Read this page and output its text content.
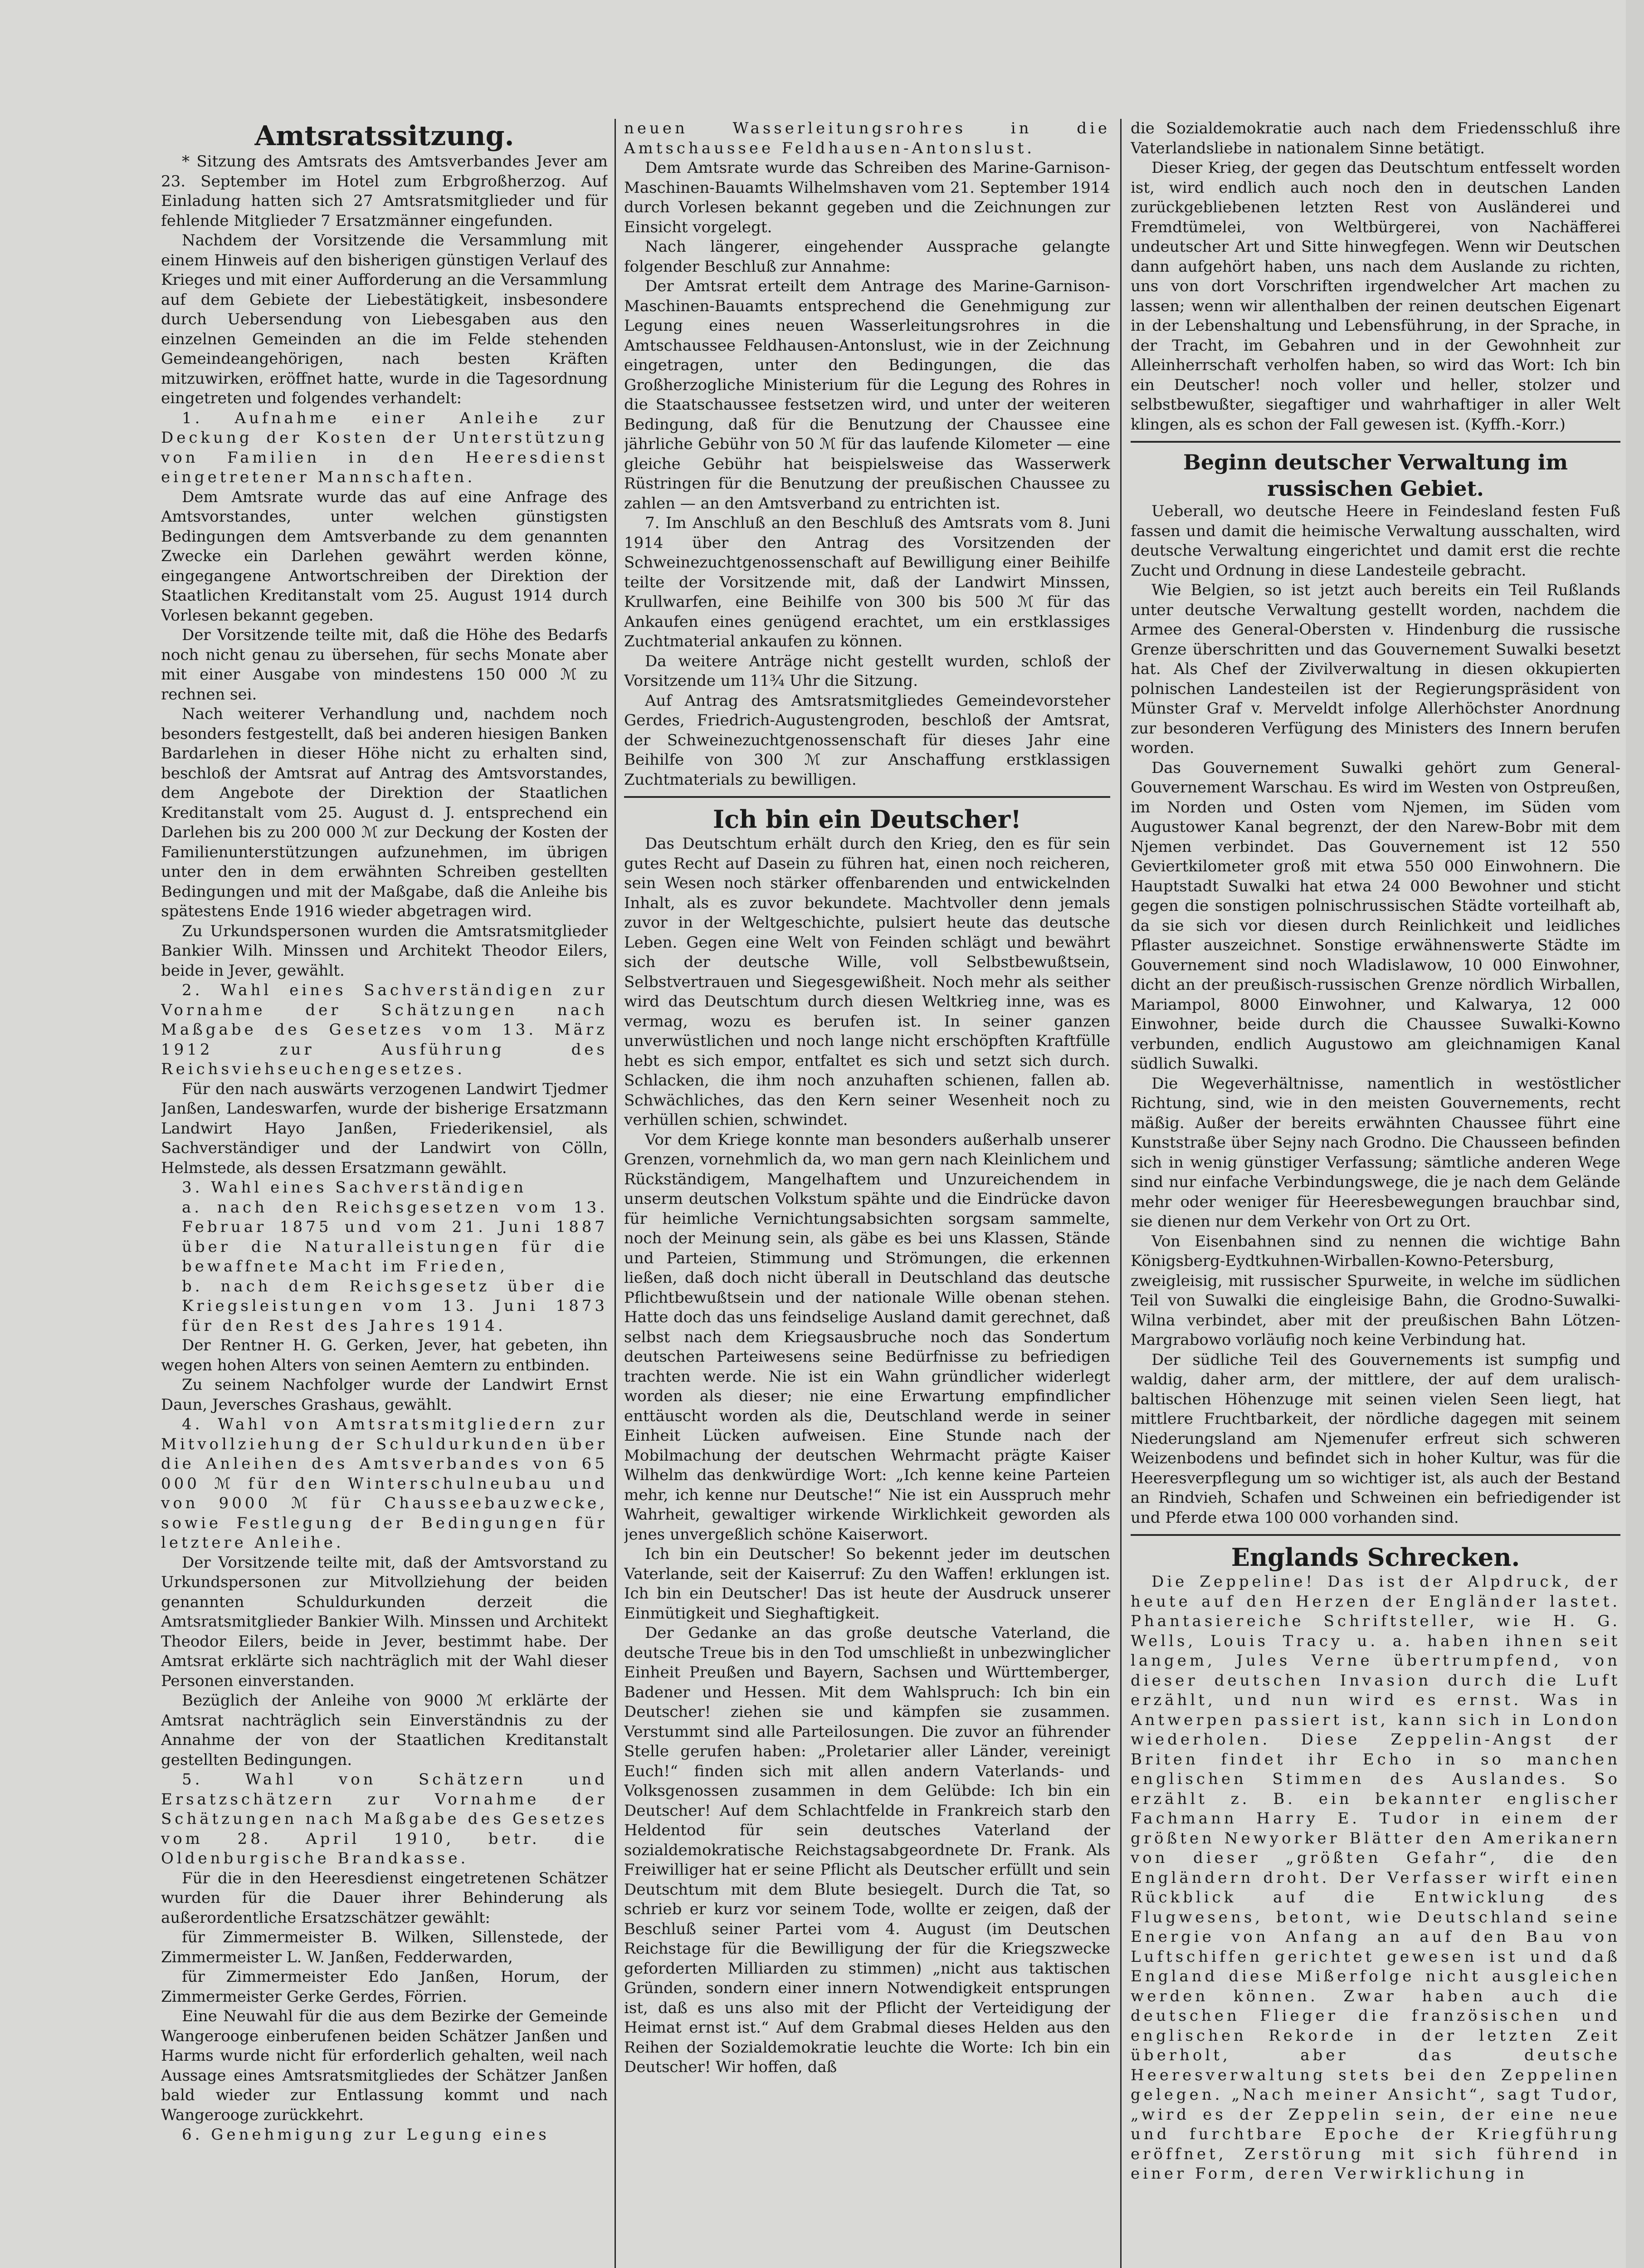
Amtsratssitzung.

* Sitzung des Amtsrats des Amtsverbandes Jever am 23. September im Hotel zum Erbgroßherzog. Auf Einladung hatten sich 27 Amtsratsmitglieder und für fehlende Mitglieder 7 Ersatzmänner eingefunden.

Nachdem der Vorsitzende die Versammlung mit einem Hinweis auf den bisherigen günstigen Verlauf des Krieges und mit einer Aufforderung an die Versammlung auf dem Gebiete der Liebestätigkeit, insbesondere durch Uebersendung von Liebesgaben aus den einzelnen Gemeinden an die im Felde stehenden Gemeindeangehörigen, nach besten Kräften mitzuwirken, eröffnet hatte, wurde in die Tagesordnung eingetreten und folgendes verhandelt:

1. Aufnahme einer Anleihe zur Deckung der Kosten der Unterstützung von Familien in den Heeresdienst eingetretener Mannschaften.

Dem Amtsrate wurde das auf eine Anfrage des Amtsvorstandes, unter welchen günstigsten Bedingungen dem Amtsverbande zu dem genannten Zwecke ein Darlehen gewährt werden könne, eingegangene Antwortschreiben der Direktion der Staatlichen Kreditanstalt vom 25. August 1914 durch Vorlesen bekannt gegeben.

Der Vorsitzende teilte mit, daß die Höhe des Bedarfs noch nicht genau zu übersehen, für sechs Monate aber mit einer Ausgabe von mindestens 150 000 ℳ zu rechnen sei.

Nach weiterer Verhandlung und, nachdem noch besonders festgestellt, daß bei anderen hiesigen Banken Bardarlehen in dieser Höhe nicht zu erhalten sind, beschloß der Amtsrat auf Antrag des Amtsvorstandes, dem Angebote der Direktion der Staatlichen Kreditanstalt vom 25. August d. J. entsprechend ein Darlehen bis zu 200 000 ℳ zur Deckung der Kosten der Familienunterstützungen aufzunehmen, im übrigen unter den in dem erwähnten Schreiben gestellten Bedingungen und mit der Maßgabe, daß die Anleihe bis spätestens Ende 1916 wieder abgetragen wird.

Zu Urkundspersonen wurden die Amtsratsmitglieder Bankier Wilh. Minssen und Architekt Theodor Eilers, beide in Jever, gewählt.

2. Wahl eines Sachverständigen zur Vornahme der Schätzungen nach Maßgabe des Gesetzes vom 13. März 1912 zur Ausführung des Reichsviehseuchengesetzes.

Für den nach auswärts verzogenen Landwirt Tjedmer Janßen, Landeswarfen, wurde der bisherige Ersatzmann Landwirt Hayo Janßen, Friederikensiel, als Sachverständiger und der Landwirt von Cölln, Helmstede, als dessen Ersatzmann gewählt.

3. Wahl eines Sachverständigen

a. nach den Reichsgesetzen vom 13. Februar 1875 und vom 21. Juni 1887 über die Naturalleistungen für die bewaffnete Macht im Frieden,

b. nach dem Reichsgesetz über die Kriegsleistungen vom 13. Juni 1873 für den Rest des Jahres 1914.

Der Rentner H. G. Gerken, Jever, hat gebeten, ihn wegen hohen Alters von seinen Aemtern zu entbinden.

Zu seinem Nachfolger wurde der Landwirt Ernst Daun, Jeversches Grashaus, gewählt.

4. Wahl von Amtsratsmitgliedern zur Mitvollziehung der Schuldurkunden über die Anleihen des Amtsverbandes von 65 000 ℳ für den Winterschulneubau und von 9000 ℳ für Chausseebauzwecke, sowie Festlegung der Bedingungen für letztere Anleihe.

Der Vorsitzende teilte mit, daß der Amtsvorstand zu Urkundspersonen zur Mitvollziehung der beiden genannten Schuldurkunden derzeit die Amtsratsmitglieder Bankier Wilh. Minssen und Architekt Theodor Eilers, beide in Jever, bestimmt habe. Der Amtsrat erklärte sich nachträglich mit der Wahl dieser Personen einverstanden.

Bezüglich der Anleihe von 9000 ℳ erklärte der Amtsrat nachträglich sein Einverständnis zu der Annahme der von der Staatlichen Kreditanstalt gestellten Bedingungen.

5. Wahl von Schätzern und Ersatzschätzern zur Vornahme der Schätzungen nach Maßgabe des Gesetzes vom 28. April 1910, betr. die Oldenburgische Brandkasse.

Für die in den Heeresdienst eingetretenen Schätzer wurden für die Dauer ihrer Behinderung als außerordentliche Ersatzschätzer gewählt:

für Zimmermeister B. Wilken, Sillenstede, der Zimmermeister L. W. Janßen, Fedderwarden,

für Zimmermeister Edo Janßen, Horum, der Zimmermeister Gerke Gerdes, Förrien.

Eine Neuwahl für die aus dem Bezirke der Gemeinde Wangerooge einberufenen beiden Schätzer Janßen und Harms wurde nicht für erforderlich gehalten, weil nach Aussage eines Amtsratsmitgliedes der Schätzer Janßen bald wieder zur Entlassung kommt und nach Wangerooge zurückkehrt.

6. Genehmigung zur Legung eines

neuen Wasserleitungsrohres in die Amtschaussee Feldhausen-Antonslust.

Dem Amtsrate wurde das Schreiben des Marine-Garnison-Maschinen-Bauamts Wilhelmshaven vom 21. September 1914 durch Vorlesen bekannt gegeben und die Zeichnungen zur Einsicht vorgelegt.

Nach längerer, eingehender Aussprache gelangte folgender Beschluß zur Annahme:

Der Amtsrat erteilt dem Antrage des Marine-Garnison-Maschinen-Bauamts entsprechend die Genehmigung zur Legung eines neuen Wasserleitungsrohres in die Amtschaussee Feldhausen-Antonslust, wie in der Zeichnung eingetragen, unter den Bedingungen, die das Großherzogliche Ministerium für die Legung des Rohres in die Staatschaussee festsetzen wird, und unter der weiteren Bedingung, daß für die Benutzung der Chaussee eine jährliche Gebühr von 50 ℳ für das laufende Kilometer — eine gleiche Gebühr hat beispielsweise das Wasserwerk Rüstringen für die Benutzung der preußischen Chaussee zu zahlen — an den Amtsverband zu entrichten ist.

7. Im Anschluß an den Beschluß des Amtsrats vom 8. Juni 1914 über den Antrag des Vorsitzenden der Schweinezuchtgenossenschaft auf Bewilligung einer Beihilfe teilte der Vorsitzende mit, daß der Landwirt Minssen, Krullwarfen, eine Beihilfe von 300 bis 500 ℳ für das Ankaufen eines genügend erachtet, um ein erstklassiges Zuchtmaterial ankaufen zu können.

Da weitere Anträge nicht gestellt wurden, schloß der Vorsitzende um 11¾ Uhr die Sitzung.

Auf Antrag des Amtsratsmitgliedes Gemeindevorsteher Gerdes, Friedrich-Augustengroden, beschloß der Amtsrat, der Schweinezuchtgenossenschaft für dieses Jahr eine Beihilfe von 300 ℳ zur Anschaffung erstklassigen Zuchtmaterials zu bewilligen.

Ich bin ein Deutscher!

Das Deutschtum erhält durch den Krieg, den es für sein gutes Recht auf Dasein zu führen hat, einen noch reicheren, sein Wesen noch stärker offenbarenden und entwickelnden Inhalt, als es zuvor bekundete. Machtvoller denn jemals zuvor in der Weltgeschichte, pulsiert heute das deutsche Leben. Gegen eine Welt von Feinden schlägt und bewährt sich der deutsche Wille, voll Selbstbewußtsein, Selbstvertrauen und Siegesgewißheit. Noch mehr als seither wird das Deutschtum durch diesen Weltkrieg inne, was es vermag, wozu es berufen ist. In seiner ganzen unverwüstlichen und noch lange nicht erschöpften Kraftfülle hebt es sich empor, entfaltet es sich und setzt sich durch. Schlacken, die ihm noch anzuhaften schienen, fallen ab. Schwächliches, das den Kern seiner Wesenheit noch zu verhüllen schien, schwindet.

Vor dem Kriege konnte man besonders außerhalb unserer Grenzen, vornehmlich da, wo man gern nach Kleinlichem und Rückständigem, Mangelhaftem und Unzureichendem in unserm deutschen Volkstum spähte und die Eindrücke davon für heimliche Vernichtungsabsichten sorgsam sammelte, noch der Meinung sein, als gäbe es bei uns Klassen, Stände und Parteien, Stimmung und Strömungen, die erkennen ließen, daß doch nicht überall in Deutschland das deutsche Pflichtbewußtsein und der nationale Wille obenan stehen. Hatte doch das uns feindselige Ausland damit gerechnet, daß selbst nach dem Kriegsausbruche noch das Sondertum deutschen Parteiwesens seine Bedürfnisse zu befriedigen trachten werde. Nie ist ein Wahn gründlicher widerlegt worden als dieser; nie eine Erwartung empfindlicher enttäuscht worden als die, Deutschland werde in seiner Einheit Lücken aufweisen. Eine Stunde nach der Mobilmachung der deutschen Wehrmacht prägte Kaiser Wilhelm das denkwürdige Wort: „Ich kenne keine Parteien mehr, ich kenne nur Deutsche!“ Nie ist ein Ausspruch mehr Wahrheit, gewaltiger wirkende Wirklichkeit geworden als jenes unvergeßlich schöne Kaiserwort.

Ich bin ein Deutscher! So bekennt jeder im deutschen Vaterlande, seit der Kaiserruf: Zu den Waffen! erklungen ist. Ich bin ein Deutscher! Das ist heute der Ausdruck unserer Einmütigkeit und Sieghaftigkeit.

Der Gedanke an das große deutsche Vaterland, die deutsche Treue bis in den Tod umschließt in unbezwinglicher Einheit Preußen und Bayern, Sachsen und Württemberger, Badener und Hessen. Mit dem Wahlspruch: Ich bin ein Deutscher! ziehen sie und kämpfen sie zusammen. Verstummt sind alle Parteilosungen. Die zuvor an führender Stelle gerufen haben: „Proletarier aller Länder, vereinigt Euch!“ finden sich mit allen andern Vaterlands- und Volksgenossen zusammen in dem Gelübde: Ich bin ein Deutscher! Auf dem Schlachtfelde in Frankreich starb den Heldentod für sein deutsches Vaterland der sozialdemokratische Reichstagsabgeordnete Dr. Frank. Als Freiwilliger hat er seine Pflicht als Deutscher erfüllt und sein Deutschtum mit dem Blute besiegelt. Durch die Tat, so schrieb er kurz vor seinem Tode, wollte er zeigen, daß der Beschluß seiner Partei vom 4. August (im Deutschen Reichstage für die Bewilligung der für die Kriegszwecke geforderten Milliarden zu stimmen) „nicht aus taktischen Gründen, sondern einer innern Notwendigkeit entsprungen ist, daß es uns also mit der Pflicht der Verteidigung der Heimat ernst ist.“ Auf dem Grabmal dieses Helden aus den Reihen der Sozialdemokratie leuchte die Worte: Ich bin ein Deutscher! Wir hoffen, daß

die Sozialdemokratie auch nach dem Friedensschluß ihre Vaterlandsliebe in nationalem Sinne betätigt.

Dieser Krieg, der gegen das Deutschtum entfesselt worden ist, wird endlich auch noch den in deutschen Landen zurückgebliebenen letzten Rest von Ausländerei und Fremdtümelei, von Weltbürgerei, von Nachäfferei undeutscher Art und Sitte hinwegfegen. Wenn wir Deutschen dann aufgehört haben, uns nach dem Auslande zu richten, uns von dort Vorschriften irgendwelcher Art machen zu lassen; wenn wir allenthalben der reinen deutschen Eigenart in der Lebenshaltung und Lebensführung, in der Sprache, in der Tracht, im Gebahren und in der Gewohnheit zur Alleinherrschaft verholfen haben, so wird das Wort: Ich bin ein Deutscher! noch voller und heller, stolzer und selbstbewußter, siegaftiger und wahrhaftiger in aller Welt klingen, als es schon der Fall gewesen ist. (Kyffh.-Korr.)

Beginn deutscher Verwaltung im russischen Gebiet.

Ueberall, wo deutsche Heere in Feindesland festen Fuß fassen und damit die heimische Verwaltung ausschalten, wird deutsche Verwaltung eingerichtet und damit erst die rechte Zucht und Ordnung in diese Landesteile gebracht.

Wie Belgien, so ist jetzt auch bereits ein Teil Rußlands unter deutsche Verwaltung gestellt worden, nachdem die Armee des General-Obersten v. Hindenburg die russische Grenze überschritten und das Gouvernement Suwalki besetzt hat. Als Chef der Zivilverwaltung in diesen okkupierten polnischen Landesteilen ist der Regierungspräsident von Münster Graf v. Merveldt infolge Allerhöchster Anordnung zur besonderen Verfügung des Ministers des Innern berufen worden.

Das Gouvernement Suwalki gehört zum General-Gouvernement Warschau. Es wird im Westen von Ostpreußen, im Norden und Osten vom Njemen, im Süden vom Augustower Kanal begrenzt, der den Narew-Bobr mit dem Njemen verbindet. Das Gouvernement ist 12 550 Geviertkilometer groß mit etwa 550 000 Einwohnern. Die Hauptstadt Suwalki hat etwa 24 000 Bewohner und sticht gegen die sonstigen polnischrussischen Städte vorteilhaft ab, da sie sich vor diesen durch Reinlichkeit und leidliches Pflaster auszeichnet. Sonstige erwähnenswerte Städte im Gouvernement sind noch Wladislawow, 10 000 Einwohner, dicht an der preußisch-russischen Grenze nördlich Wirballen, Mariampol, 8000 Einwohner, und Kalwarya, 12 000 Einwohner, beide durch die Chaussee Suwalki-Kowno verbunden, endlich Augustowo am gleichnamigen Kanal südlich Suwalki.

Die Wegeverhältnisse, namentlich in westöstlicher Richtung, sind, wie in den meisten Gouvernements, recht mäßig. Außer der bereits erwähnten Chaussee führt eine Kunststraße über Sejny nach Grodno. Die Chausseen befinden sich in wenig günstiger Verfassung; sämtliche anderen Wege sind nur einfache Verbindungswege, die je nach dem Gelände mehr oder weniger für Heeresbewegungen brauchbar sind, sie dienen nur dem Verkehr von Ort zu Ort.

Von Eisenbahnen sind zu nennen die wichtige Bahn Königsberg-Eydtkuhnen-Wirballen-Kowno-Petersburg, zweigleisig, mit russischer Spurweite, in welche im südlichen Teil von Suwalki die eingleisige Bahn, die Grodno-Suwalki-Wilna verbindet, aber mit der preußischen Bahn Lötzen-Margrabowo vorläufig noch keine Verbindung hat.

Der südliche Teil des Gouvernements ist sumpfig und waldig, daher arm, der mittlere, der auf dem uralisch-baltischen Höhenzuge mit seinen vielen Seen liegt, hat mittlere Fruchtbarkeit, der nördliche dagegen mit seinem Niederungsland am Njemenufer erfreut sich schweren Weizenbodens und befindet sich in hoher Kultur, was für die Heeresverpflegung um so wichtiger ist, als auch der Bestand an Rindvieh, Schafen und Schweinen ein befriedigender ist und Pferde etwa 100 000 vorhanden sind.

Englands Schrecken.

Die Zeppeline! Das ist der Alpdruck, der heute auf den Herzen der Engländer lastet. Phantasiereiche Schriftsteller, wie H. G. Wells, Louis Tracy u. a. haben ihnen seit langem, Jules Verne übertrumpfend, von dieser deutschen Invasion durch die Luft erzählt, und nun wird es ernst. Was in Antwerpen passiert ist, kann sich in London wiederholen. Diese Zeppelin-Angst der Briten findet ihr Echo in so manchen englischen Stimmen des Auslandes. So erzählt z. B. ein bekannter englischer Fachmann Harry E. Tudor in einem der größten Newyorker Blätter den Amerikanern von dieser „größten Gefahr“, die den Engländern droht. Der Verfasser wirft einen Rückblick auf die Entwicklung des Flugwesens, betont, wie Deutschland seine Energie von Anfang an auf den Bau von Luftschiffen gerichtet gewesen ist und daß England diese Mißerfolge nicht ausgleichen werden können. Zwar haben auch die deutschen Flieger die französischen und englischen Rekorde in der letzten Zeit überholt, aber das deutsche Heeresverwaltung stets bei den Zeppelinen gelegen. „Nach meiner Ansicht“, sagt Tudor, „wird es der Zeppelin sein, der eine neue und furchtbare Epoche der Kriegführung eröffnet, Zerstörung mit sich führend in einer Form, deren Verwirklichung in
